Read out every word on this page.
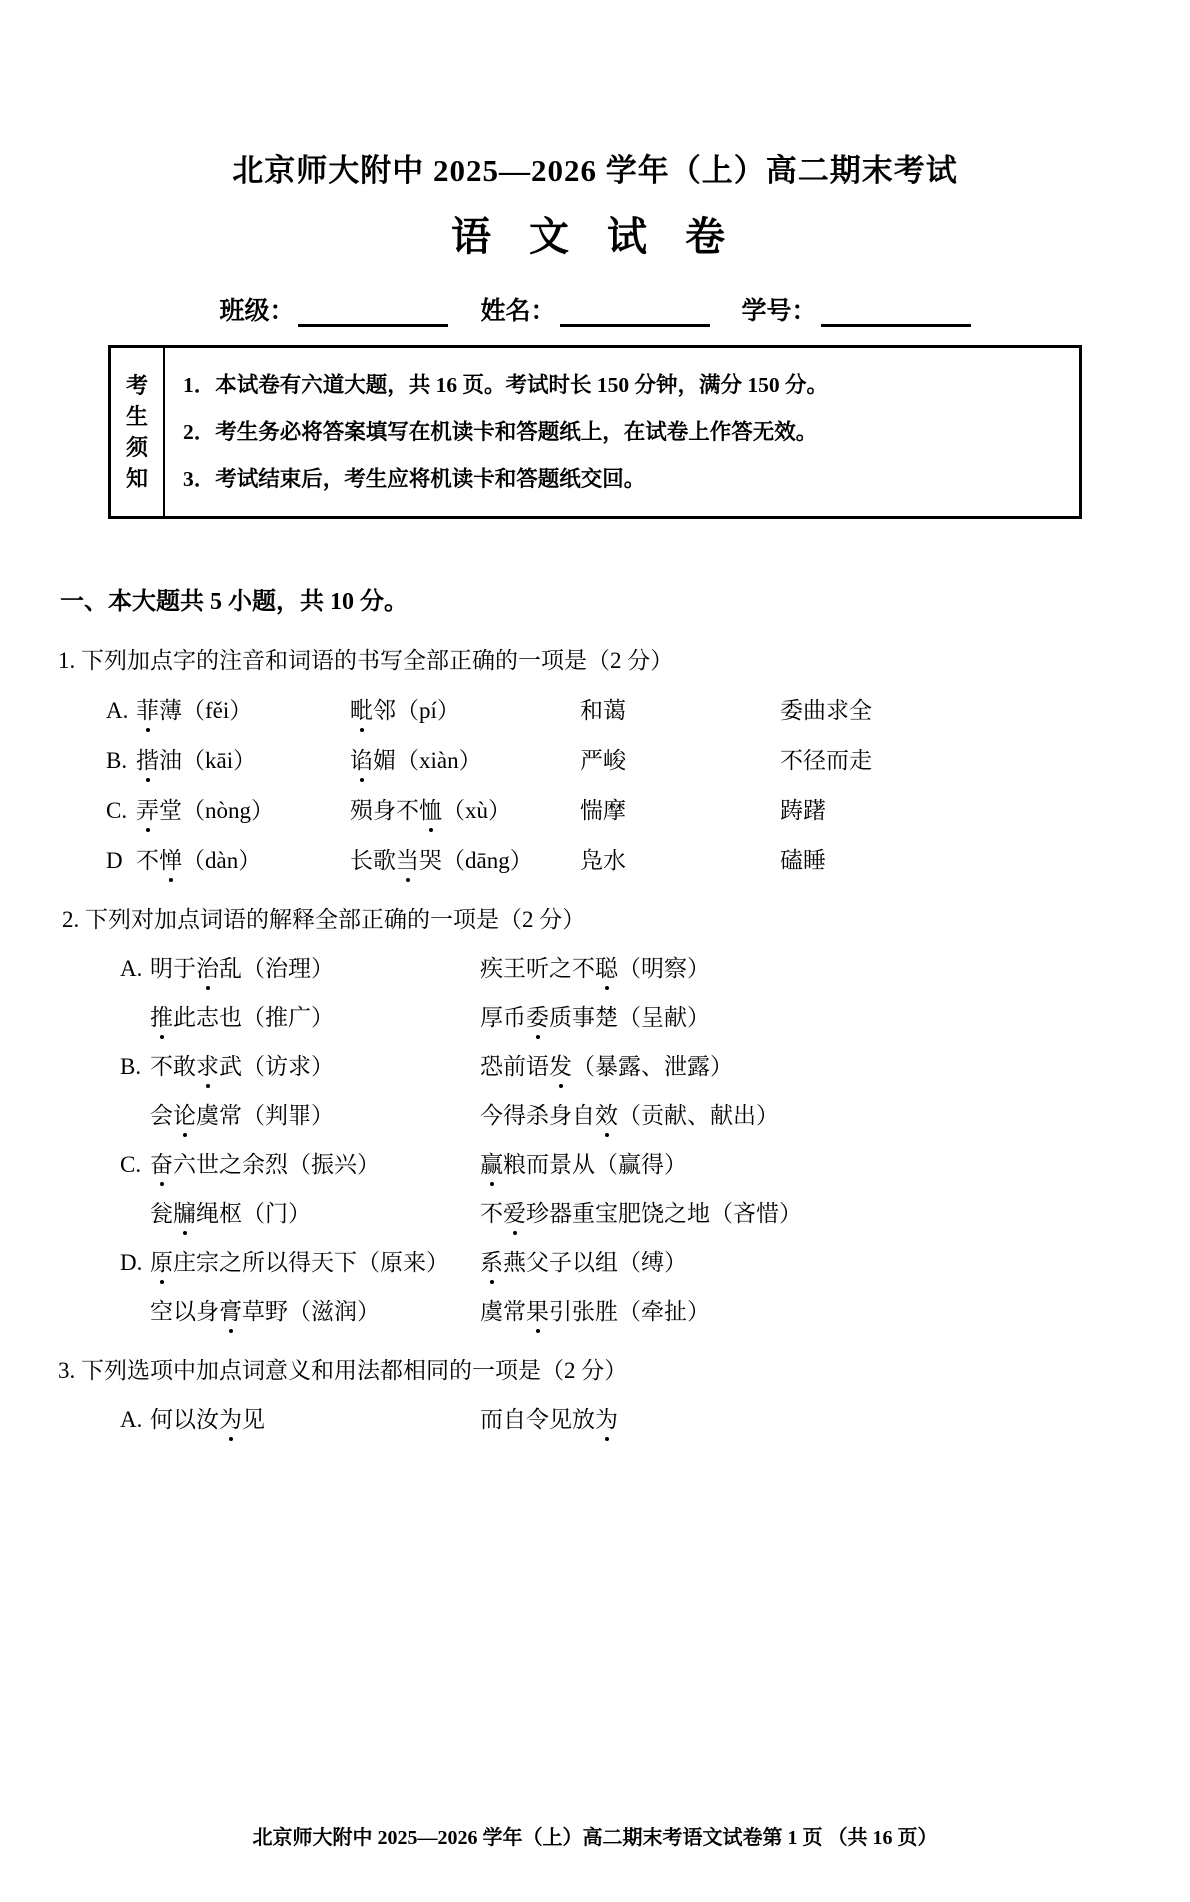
北京师大附中 2025—2026 学年（上）高二期末考试
语 文 试 卷
班级：	姓名：	学号：
考
生
须
知
1．本试卷有六道大题，共 16 页。考试时长 150 分钟，满分 150 分。
2．考生务必将答案填写在机读卡和答题纸上，在试卷上作答无效。
3．考试结束后，考生应将机读卡和答题纸交回。
一、本大题共 5 小题，共 10 分。
1. 下列加点字的注音和词语的书写全部正确的一项是（2 分）
A. 菲薄（fěi）	毗邻（pí）	和蔼	委曲求全
B. 揩油（kāi）	谄媚（xiàn）	严峻	不径而走
C. 弄堂（nòng）	殒身不恤（xù）	惴摩	踌躇
D 不惮（dàn）	长歌当哭（dāng）	凫水	磕睡
2. 下列对加点词语的解释全部正确的一项是（2 分）
A. 明于治乱（治理）	疾王听之不聪（明察）
推此志也（推广）	厚币委质事楚（呈献）
B. 不敢求武（访求）	恐前语发（暴露、泄露）
会论虞常（判罪）	今得杀身自效（贡献、献出）
C. 奋六世之余烈（振兴）	赢粮而景从（赢得）
瓮牖绳枢（门）	不爱珍器重宝肥饶之地（吝惜）
D. 原庄宗之所以得天下（原来）	系燕父子以组（缚）
空以身膏草野（滋润）	虞常果引张胜（牵扯）
3. 下列选项中加点词意义和用法都相同的一项是（2 分）
A. 何以汝为见	而自令见放为
北京师大附中 2025—2026 学年（上）高二期末考语文试卷第 1 页 （共 16 页）
